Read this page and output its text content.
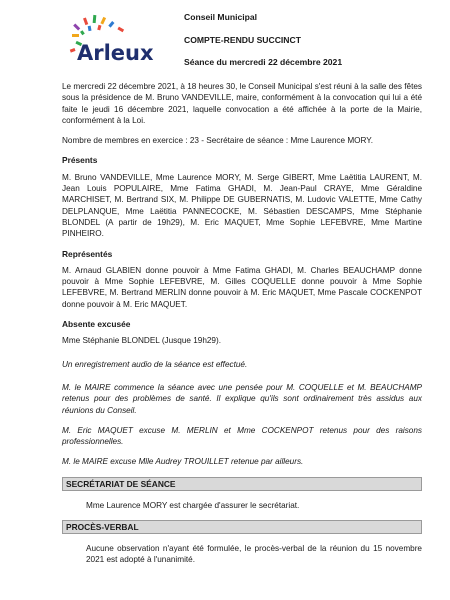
Arleux

Conseil Municipal

COMPTE-RENDU SUCCINCT

Séance du mercredi 22 décembre 2021

Le mercredi 22 décembre 2021, à 18 heures 30, le Conseil Municipal s'est réuni à la salle des fêtes sous la présidence de M. Bruno VANDEVILLE, maire, conformément à la convocation qui lui a été faite le jeudi 16 décembre 2021, laquelle convocation a été affichée à la porte de la Mairie, conformément à la Loi.

Nombre de membres en exercice : 23 - Secrétaire de séance : Mme Laurence MORY.

Présents

M. Bruno VANDEVILLE, Mme Laurence MORY, M. Serge GIBERT, Mme Laëtitia LAURENT, M. Jean Louis POPULAIRE, Mme Fatima GHADI, M. Jean-Paul CRAYE, Mme Géraldine MARCHISET, M. Bertrand SIX, M. Philippe DE GUBERNATIS, M. Ludovic VALETTE, Mme Cathy DELPLANQUE, Mme Laëtitia PANNECOCKE, M. Sébastien DESCAMPS, Mme Stéphanie BLONDEL (A partir de 19h29), M. Eric MAQUET, Mme Sophie LEFEBVRE, Mme Martine PINHEIRO.

Représentés

M. Arnaud GLABIEN donne pouvoir à Mme Fatima GHADI, M. Charles BEAUCHAMP donne pouvoir à Mme Sophie LEFEBVRE, M. Gilles COQUELLE donne pouvoir à Mme Sophie LEFEBVRE, M. Bertrand MERLIN donne pouvoir à M. Eric MAQUET, Mme Pascale COCKENPOT donne pouvoir à M. Eric MAQUET.

Absente excusée

Mme Stéphanie BLONDEL (Jusque 19h29).

Un enregistrement audio de la séance est effectué.

M. le MAIRE commence la séance avec une pensée pour M. COQUELLE et M. BEAUCHAMP retenus pour des problèmes de santé. Il explique qu'ils sont ordinairement très assidus aux réunions du Conseil.

M. Eric MAQUET excuse M. MERLIN et Mme COCKENPOT retenus pour des raisons professionnelles.

M. le MAIRE excuse Mlle Audrey TROUILLET retenue par ailleurs.

SECRÉTARIAT DE SÉANCE

Mme Laurence MORY est chargée d'assurer le secrétariat.

PROCÈS-VERBAL

Aucune observation n'ayant été formulée, le procès-verbal de la réunion du 15 novembre 2021 est adopté à l'unanimité.
